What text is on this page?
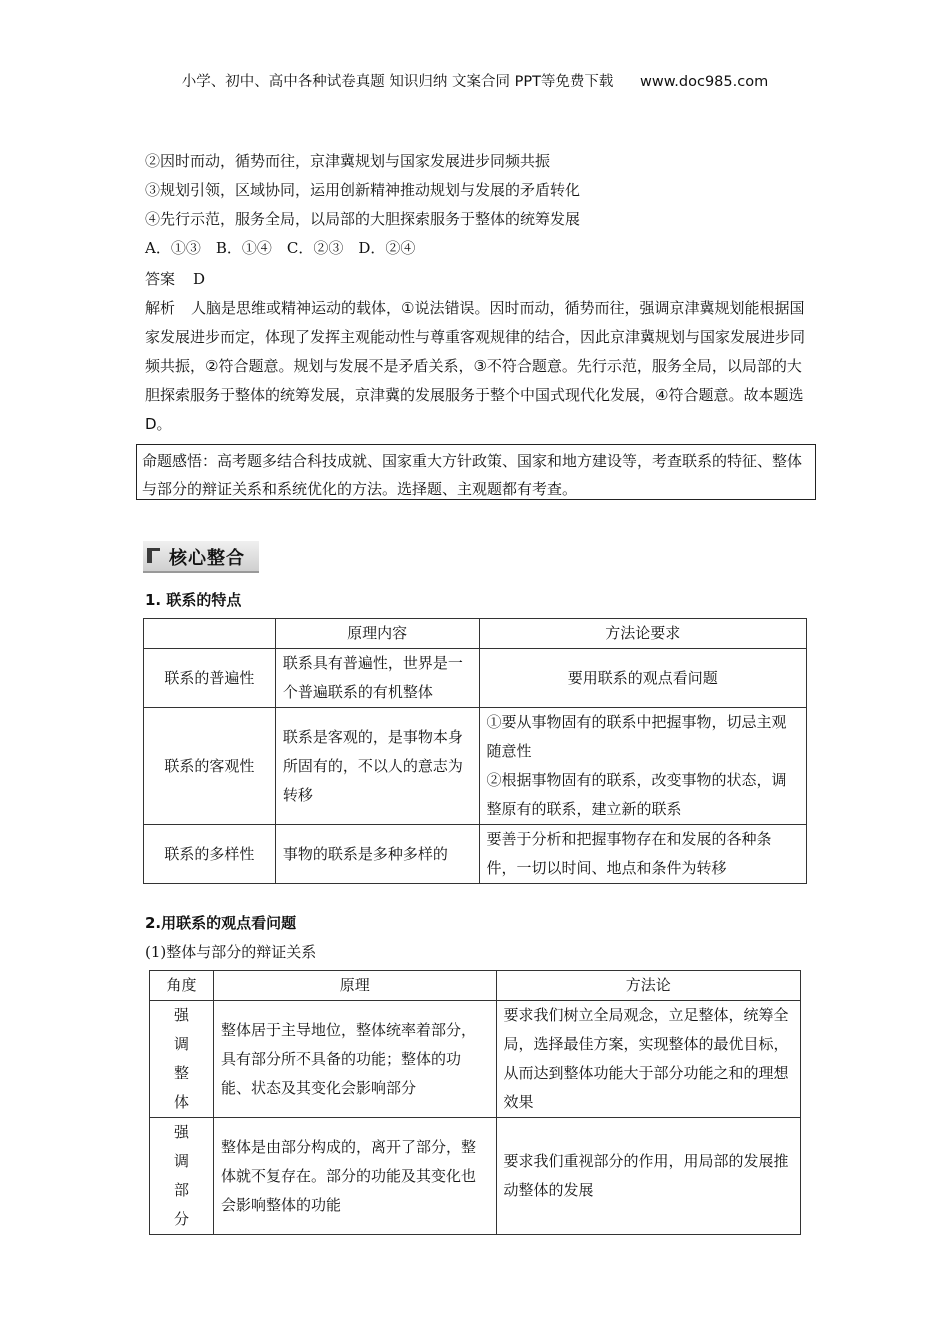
小学、初中、高中各种试卷真题 知识归纳 文案合同 PPT等免费下载 www.doc985.com
②因时而动，循势而往，京津冀规划与国家发展进步同频共振
③规划引领，区域协同，运用创新精神推动规划与发展的矛盾转化
④先行示范，服务全局，以局部的大胆探索服务于整体的统筹发展
A．①③　B．①④　C．②③　D．②④
答案 D
解析 人脑是思维或精神运动的载体，①说法错误。因时而动，循势而往，强调京津冀规划能根据国家发展进步而定，体现了发挥主观能动性与尊重客观规律的结合，因此京津冀规划与国家发展进步同频共振，②符合题意。规划与发展不是矛盾关系，③不符合题意。先行示范，服务全局，以局部的大胆探索服务于整体的统筹发展，京津冀的发展服务于整个中国式现代化发展，④符合题意。故本题选D。
命题感悟：高考题多结合科技成就、国家重大方针政策、国家和地方建设等，考查联系的特征、整体与部分的辩证关系和系统优化的方法。选择题、主观题都有考查。
核心整合
1. 联系的特点
	原理内容	方法论要求
联系的普遍性	联系具有普遍性，世界是一个普遍联系的有机整体	要用联系的观点看问题
联系的客观性	联系是客观的，是事物本身所固有的，不以人的意志为转移	①要从事物固有的联系中把握事物，切忌主观随意性
②根据事物固有的联系，改变事物的状态，调整原有的联系，建立新的联系
联系的多样性	事物的联系是多种多样的	要善于分析和把握事物存在和发展的各种条件，一切以时间、地点和条件为转移
2.用联系的观点看问题
(1)整体与部分的辩证关系
角度	原理	方法论
强调整体	整体居于主导地位，整体统率着部分，具有部分所不具备的功能；整体的功能、状态及其变化会影响部分	要求我们树立全局观念，立足整体，统筹全局，选择最佳方案，实现整体的最优目标，从而达到整体功能大于部分功能之和的理想效果
强调部分	整体是由部分构成的，离开了部分，整体就不复存在。部分的功能及其变化也会影响整体的功能	要求我们重视部分的作用，用局部的发展推动整体的发展
